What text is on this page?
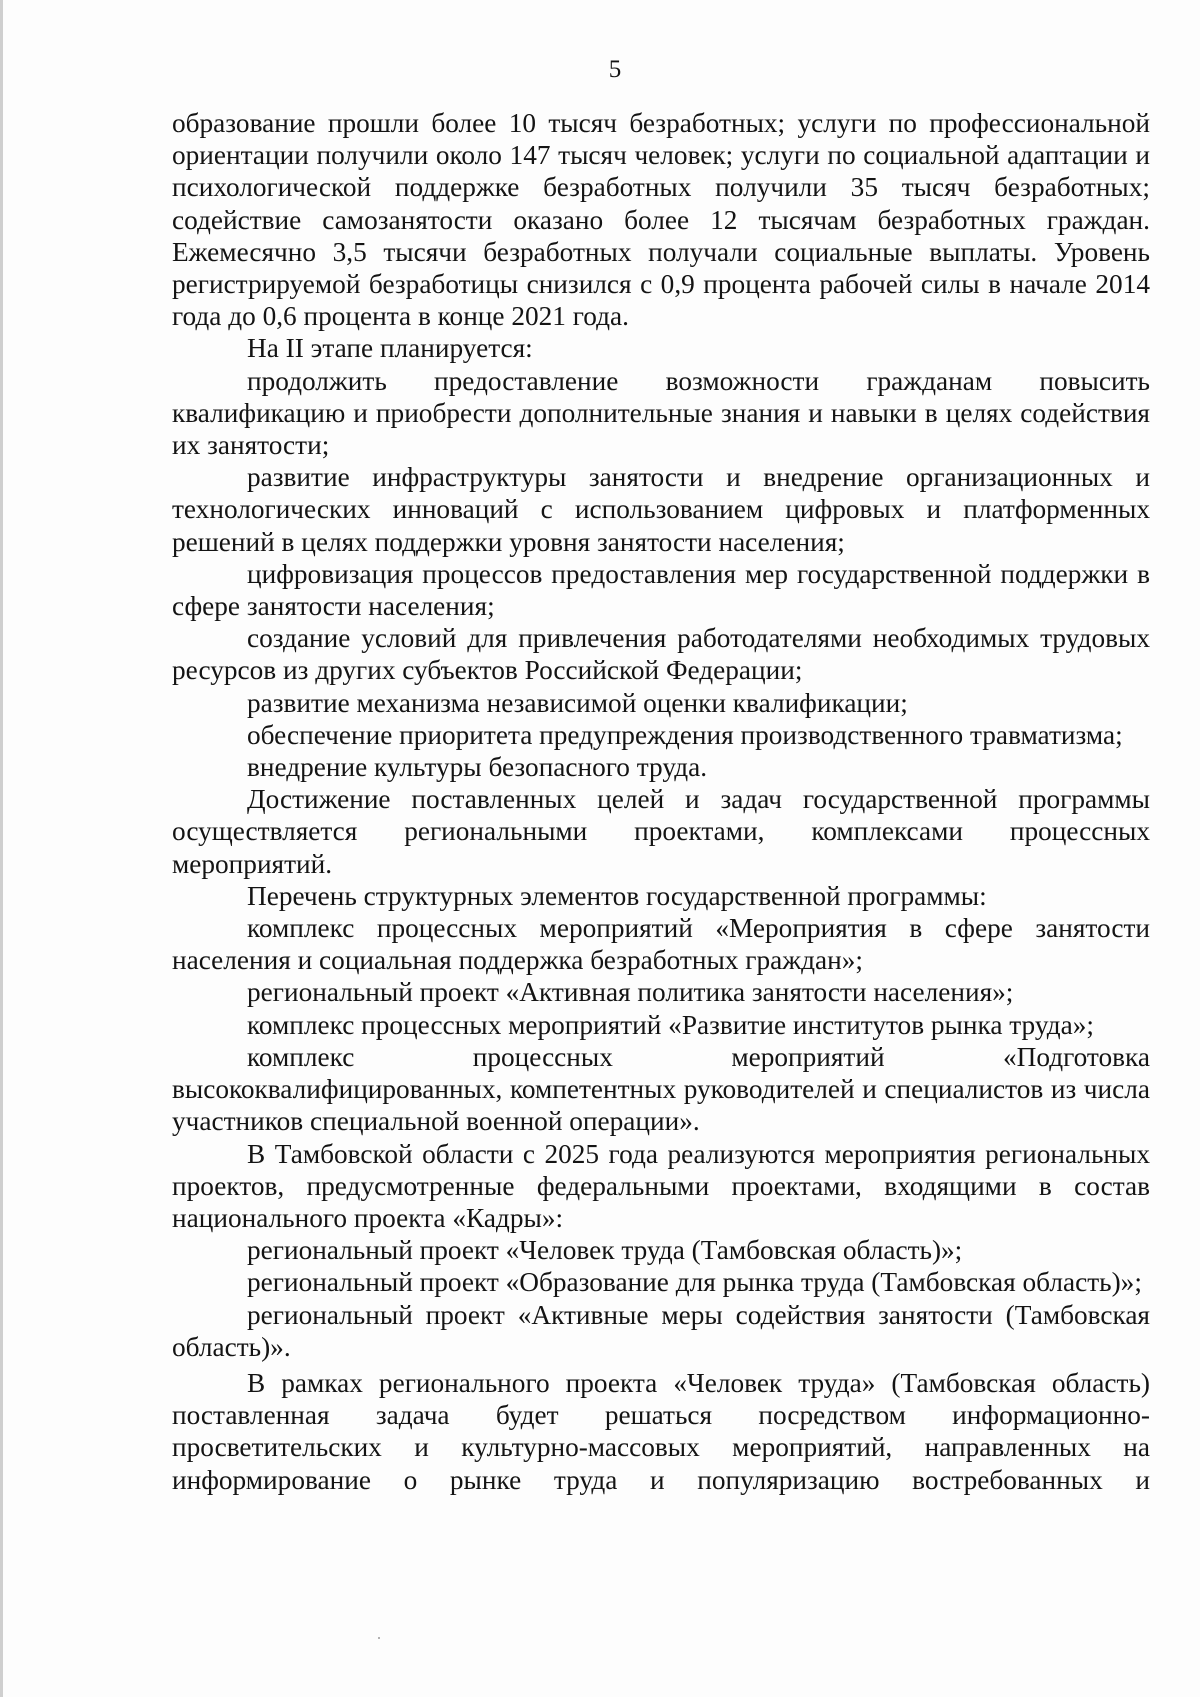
5

образование прошли более 10 тысяч безработных; услуги по профессиональной ориентации получили около 147 тысяч человек; услуги по социальной адаптации и психологической поддержке безработных получили 35 тысяч безработных; содействие самозанятости оказано более 12 тысячам безработных граждан. Ежемесячно 3,5 тысячи безработных получали социальные выплаты. Уровень регистрируемой безработицы снизился с 0,9 процента рабочей силы в начале 2014 года до 0,6 процента в конце 2021 года.

На II этапе планируется:

продолжить предоставление возможности гражданам повысить квалификацию и приобрести дополнительные знания и навыки в целях содействия их занятости;

развитие инфраструктуры занятости и внедрение организационных и технологических инноваций с использованием цифровых и платформенных решений в целях поддержки уровня занятости населения;

цифровизация процессов предоставления мер государственной поддержки в сфере занятости населения;

создание условий для привлечения работодателями необходимых трудовых ресурсов из других субъектов Российской Федерации;

развитие механизма независимой оценки квалификации;

обеспечение приоритета предупреждения производственного травматизма;

внедрение культуры безопасного труда.

Достижение поставленных целей и задач государственной программы осуществляется региональными проектами, комплексами процессных мероприятий.

Перечень структурных элементов государственной программы:

комплекс процессных мероприятий «Мероприятия в сфере занятости населения и социальная поддержка безработных граждан»;

региональный проект «Активная политика занятости населения»;

комплекс процессных мероприятий «Развитие институтов рынка труда»;

комплекс процессных мероприятий «Подготовка высококвалифицированных, компетентных руководителей и специалистов из числа участников специальной военной операции».

В Тамбовской области с 2025 года реализуются мероприятия региональных проектов, предусмотренные федеральными проектами, входящими в состав национального проекта «Кадры»:

региональный проект «Человек труда (Тамбовская область)»;

региональный проект «Образование для рынка труда (Тамбовская область)»;

региональный проект «Активные меры содействия занятости (Тамбовская область)».

В рамках регионального проекта «Человек труда» (Тамбовская область) поставленная задача будет решаться посредством информационно-просветительских и культурно-массовых мероприятий, направленных на информирование о рынке труда и популяризацию востребованных и
